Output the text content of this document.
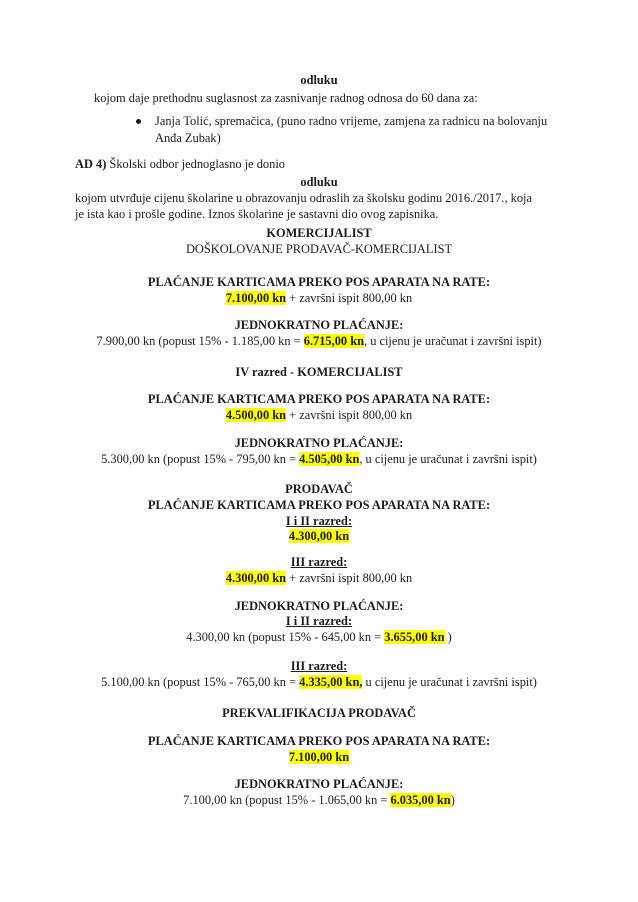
odluku
kojom daje prethodnu suglasnost za zasnivanje radnog odnosa do 60 dana za:
Janja Tolić, spremačica, (puno radno vrijeme, zamjena za radnicu na bolovanju
Anđa Zubak)
AD 4) Školski odbor jednoglasno je donio
odluku
kojom utvrđuje cijenu školarine u obrazovanju odraslih za školsku godinu 2016./2017., koja
je ista kao i prošle godine. Iznos školarine je sastavni dio ovog zapisnika.
KOMERCIJALIST
DOŠKOLOVANJE PRODAVAČ-KOMERCIJALIST
PLAĆANJE KARTICAMA PREKO POS APARATA NA RATE:
7.100,00 kn + završni ispit 800,00 kn
JEDNOKRATNO PLAĆANJE:
7.900,00 kn (popust 15% - 1.185,00 kn = 6.715,00 kn, u cijenu je uračunat i završni ispit)
IV razred - KOMERCIJALIST
PLAĆANJE KARTICAMA PREKO POS APARATA NA RATE:
4.500,00 kn + završni ispit 800,00 kn
JEDNOKRATNO PLAĆANJE:
5.300,00 kn (popust 15% - 795,00 kn = 4.505,00 kn, u cijenu je uračunat i završni ispit)
PRODAVAČ
PLAĆANJE KARTICAMA PREKO POS APARATA NA RATE:
I i II razred:
4.300,00 kn
III razred:
4.300,00 kn + završni ispit 800,00 kn
JEDNOKRATNO PLAĆANJE:
I i II razred:
4.300,00 kn (popust 15% - 645,00 kn = 3.655,00 kn )
III razred:
5.100,00 kn (popust 15% - 765,00 kn = 4.335,00 kn, u cijenu je uračunat i završni ispit)
PREKVALIFIKACIJA PRODAVAČ
PLAĆANJE KARTICAMA PREKO POS APARATA NA RATE:
7.100,00 kn
JEDNOKRATNO PLAĆANJE:
7.100,00 kn (popust 15% - 1.065,00 kn = 6.035,00 kn)
